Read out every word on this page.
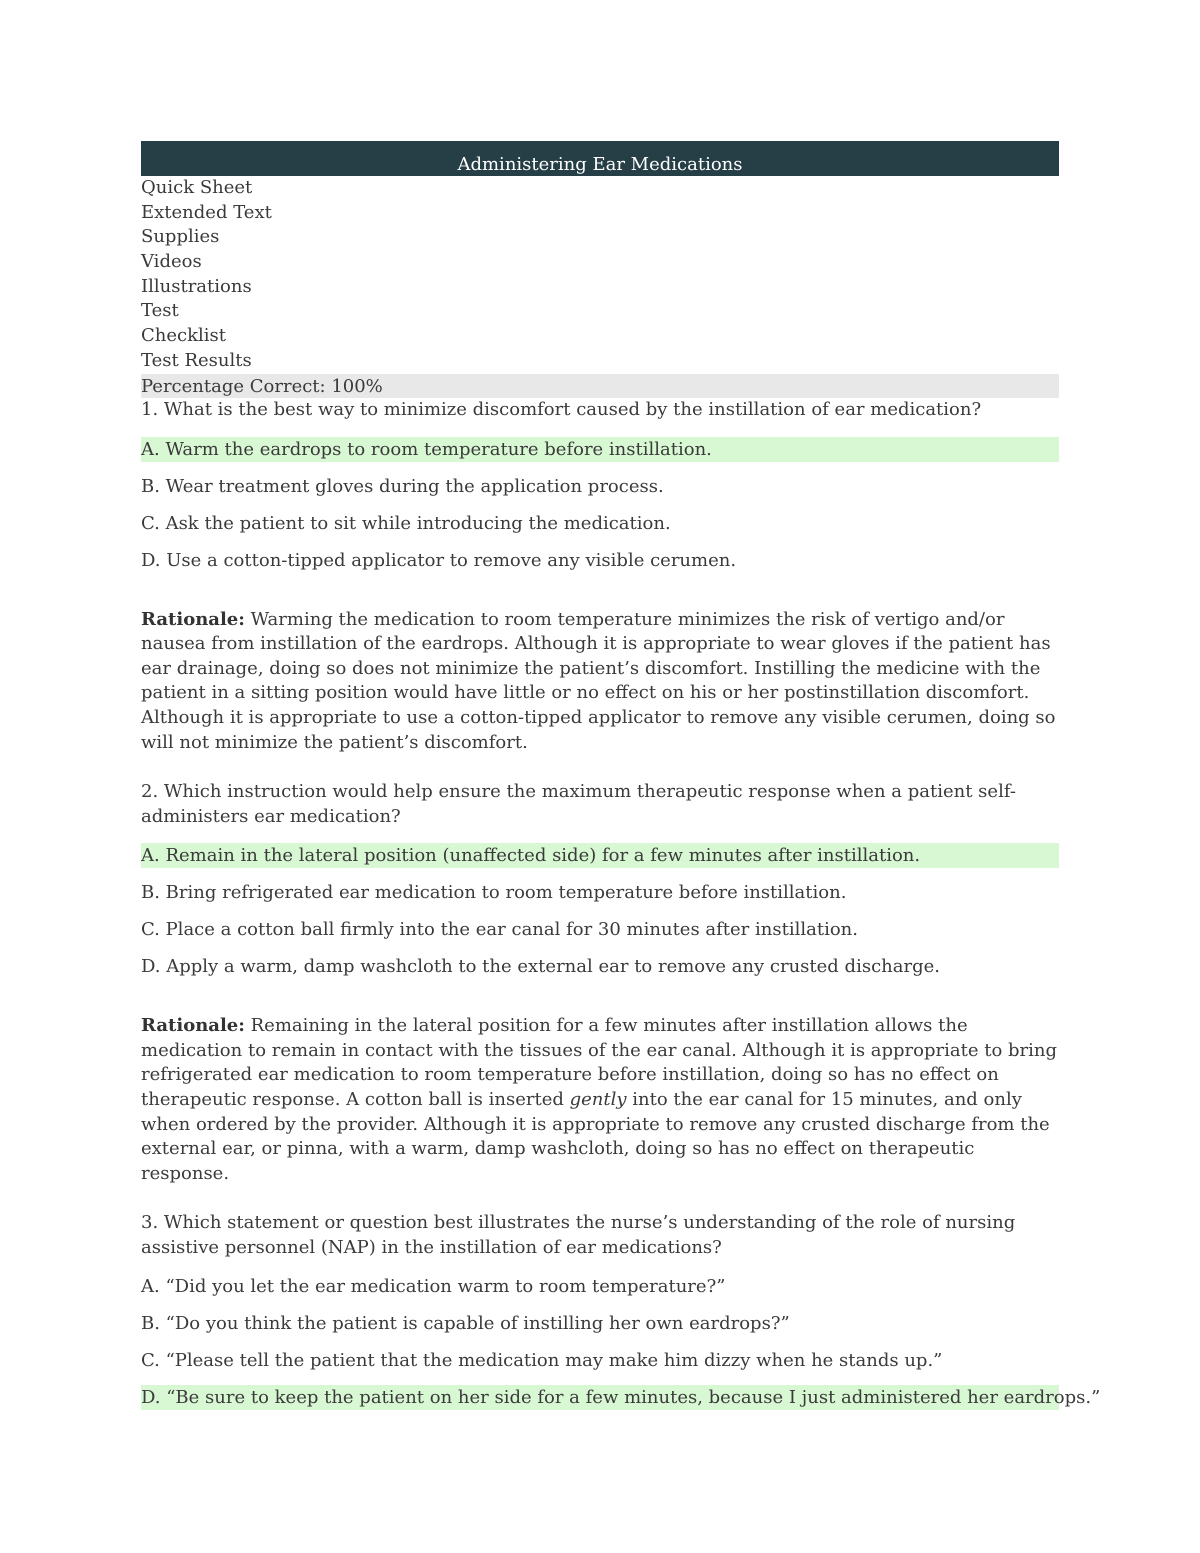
Administering Ear Medications
Quick Sheet
Extended Text
Supplies
Videos
Illustrations
Test
Checklist
Test Results
Percentage Correct: 100%
1. What is the best way to minimize discomfort caused by the instillation of ear medication?
A. Warm the eardrops to room temperature before instillation.
B. Wear treatment gloves during the application process.
C. Ask the patient to sit while introducing the medication.
D. Use a cotton-tipped applicator to remove any visible cerumen.
Rationale: Warming the medication to room temperature minimizes the risk of vertigo and/or nausea from instillation of the eardrops. Although it is appropriate to wear gloves if the patient has ear drainage, doing so does not minimize the patient’s discomfort. Instilling the medicine with the patient in a sitting position would have little or no effect on his or her postinstillation discomfort. Although it is appropriate to use a cotton-tipped applicator to remove any visible cerumen, doing so will not minimize the patient’s discomfort.
2. Which instruction would help ensure the maximum therapeutic response when a patient self-administers ear medication?
A. Remain in the lateral position (unaffected side) for a few minutes after instillation.
B. Bring refrigerated ear medication to room temperature before instillation.
C. Place a cotton ball firmly into the ear canal for 30 minutes after instillation.
D. Apply a warm, damp washcloth to the external ear to remove any crusted discharge.
Rationale: Remaining in the lateral position for a few minutes after instillation allows the medication to remain in contact with the tissues of the ear canal. Although it is appropriate to bring refrigerated ear medication to room temperature before instillation, doing so has no effect on therapeutic response. A cotton ball is inserted gently into the ear canal for 15 minutes, and only when ordered by the provider. Although it is appropriate to remove any crusted discharge from the external ear, or pinna, with a warm, damp washcloth, doing so has no effect on therapeutic response.
3. Which statement or question best illustrates the nurse’s understanding of the role of nursing assistive personnel (NAP) in the instillation of ear medications?
A. “Did you let the ear medication warm to room temperature?”
B. “Do you think the patient is capable of instilling her own eardrops?”
C. “Please tell the patient that the medication may make him dizzy when he stands up.”
D. “Be sure to keep the patient on her side for a few minutes, because I just administered her eardrops.”
